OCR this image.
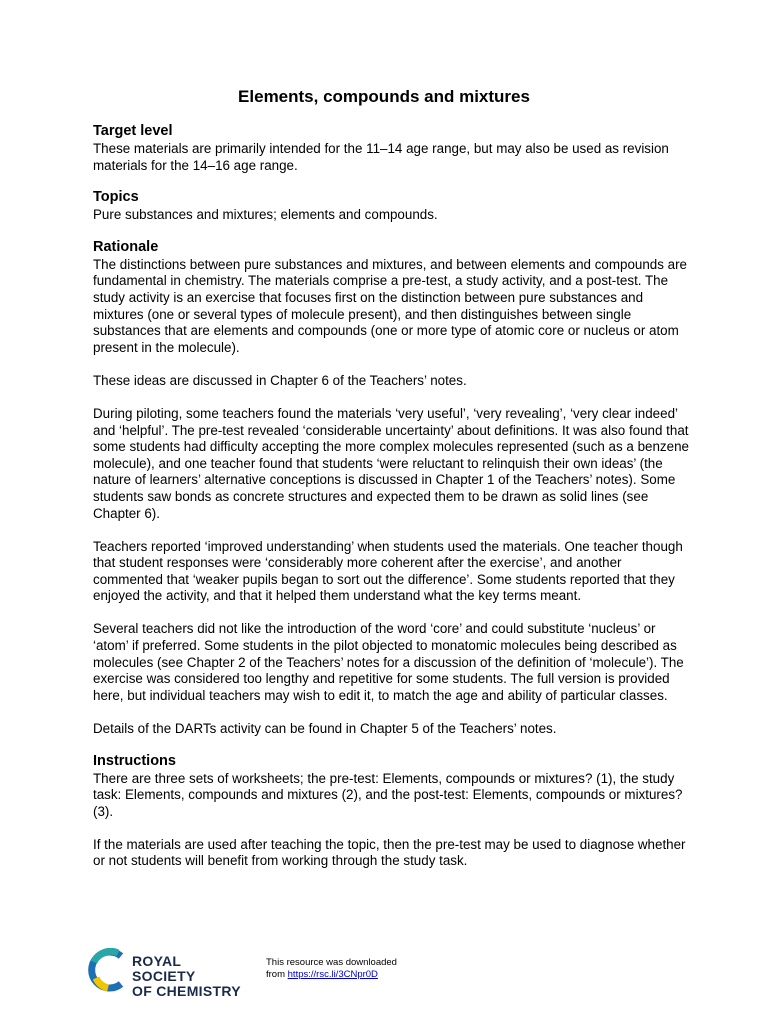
Elements, compounds and mixtures
Target level

These materials are primarily intended for the 11–14 age range, but may also be used as revision materials for the 14–16 age range.

Topics

Pure substances and mixtures; elements and compounds.

Rationale

The distinctions between pure substances and mixtures, and between elements and compounds are fundamental in chemistry. The materials comprise a pre-test, a study activity, and a post-test. The study activity is an exercise that focuses first on the distinction between pure substances and mixtures (one or several types of molecule present), and then distinguishes between single substances that are elements and compounds (one or more type of atomic core or nucleus or atom present in the molecule).

These ideas are discussed in Chapter 6 of the Teachers’ notes.

During piloting, some teachers found the materials ‘very useful’, ‘very revealing’, ‘very clear indeed’ and ‘helpful’. The pre-test revealed ‘considerable uncertainty’ about definitions. It was also found that some students had difficulty accepting the more complex molecules represented (such as a benzene molecule), and one teacher found that students ‘were reluctant to relinquish their own ideas’ (the nature of learners’ alternative conceptions is discussed in Chapter 1 of the Teachers’ notes). Some students saw bonds as concrete structures and expected them to be drawn as solid lines (see Chapter 6).

Teachers reported ‘improved understanding’ when students used the materials. One teacher though that student responses were ‘considerably more coherent after the exercise’, and another commented that ‘weaker pupils began to sort out the difference’. Some students reported that they enjoyed the activity, and that it helped them understand what the key terms meant.

Several teachers did not like the introduction of the word ‘core’ and could substitute ‘nucleus’ or ‘atom’ if preferred. Some students in the pilot objected to monatomic molecules being described as molecules (see Chapter 2 of the Teachers’ notes for a discussion of the definition of ‘molecule’). The exercise was considered too lengthy and repetitive for some students. The full version is provided here, but individual teachers may wish to edit it, to match the age and ability of particular classes.

Details of the DARTs activity can be found in Chapter 5 of the Teachers’ notes.

Instructions

There are three sets of worksheets; the pre-test: Elements, compounds or mixtures? (1), the study task: Elements, compounds and mixtures (2), and the post-test: Elements, compounds or mixtures? (3).

If the materials are used after teaching the topic, then the pre-test may be used to diagnose whether or not students will benefit from working through the study task.

ROYAL SOCIETY
OF CHEMISTRY
This resource was downloaded
from https://rsc.li/3CNpr0D
